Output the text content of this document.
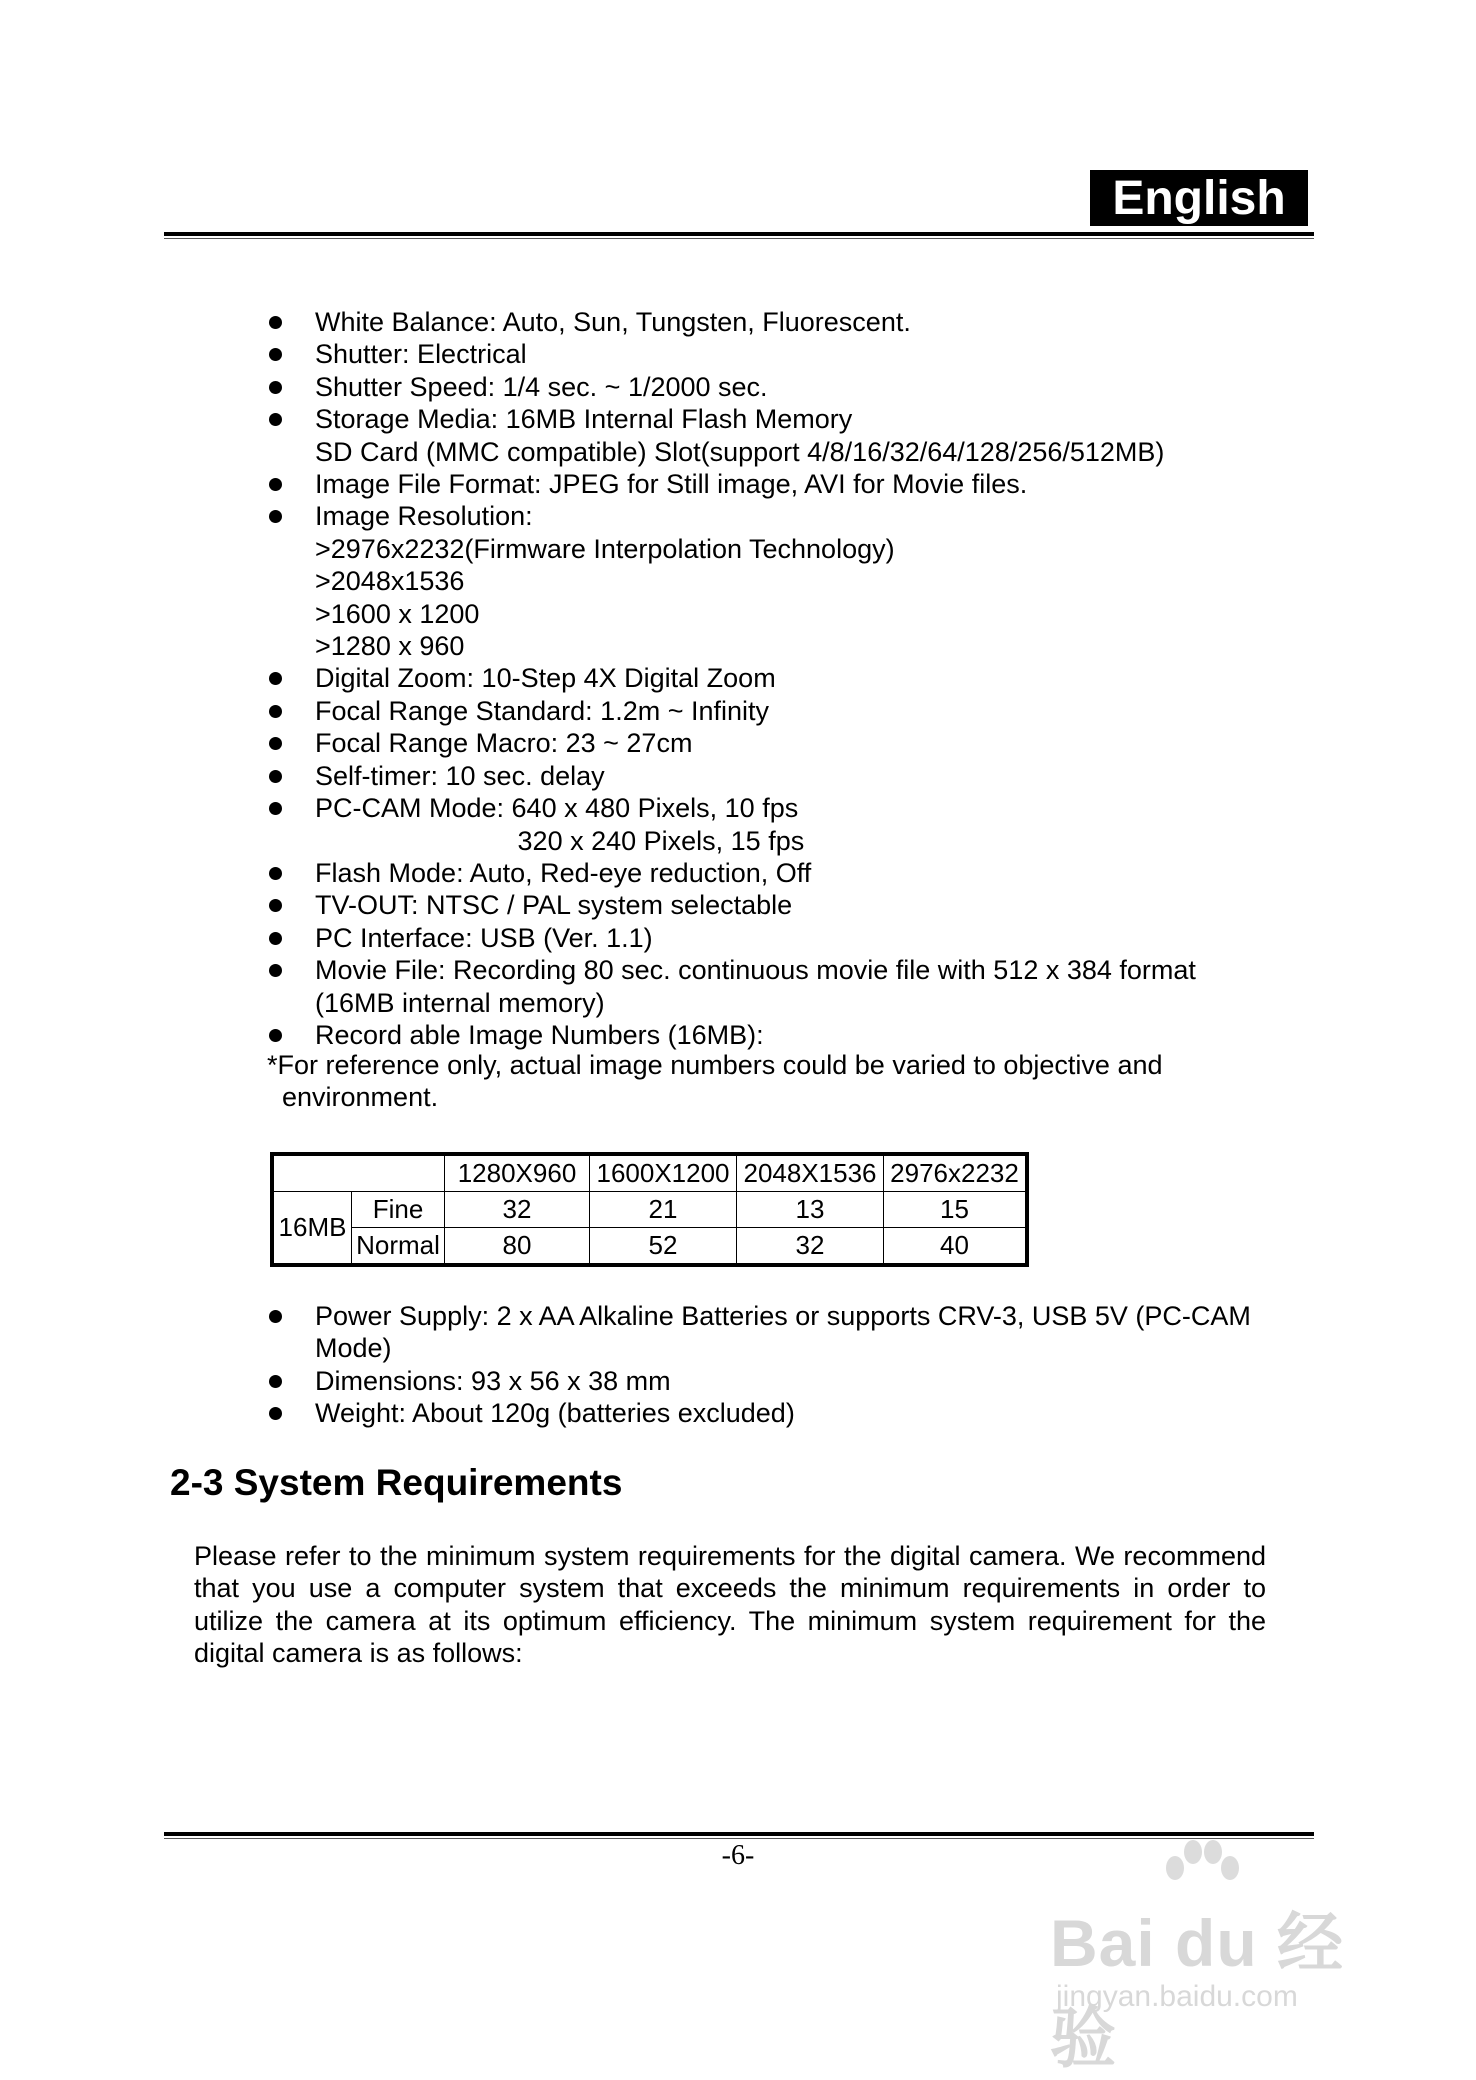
English
White Balance: Auto, Sun, Tungsten, Fluorescent.
Shutter: Electrical
Shutter Speed: 1/4 sec. ~ 1/2000 sec.
Storage Media: 16MB Internal Flash Memory
SD Card (MMC compatible) Slot(support 4/8/16/32/64/128/256/512MB)
Image File Format: JPEG for Still image, AVI for Movie files.
Image Resolution:
>2976x2232(Firmware Interpolation Technology)
>2048x1536
>1600 x 1200
>1280 x 960
Digital Zoom: 10-Step 4X Digital Zoom
Focal Range Standard: 1.2m ~ Infinity
Focal Range Macro: 23 ~ 27cm
Self-timer: 10 sec. delay
PC-CAM Mode: 640 x 480 Pixels, 10 fps
320 x 240 Pixels, 15 fps
Flash Mode: Auto, Red-eye reduction, Off
TV-OUT: NTSC / PAL system selectable
PC Interface: USB (Ver. 1.1)
Movie File: Recording 80 sec. continuous movie file with 512 x 384 format
(16MB internal memory)
Record able Image Numbers (16MB):
*For reference only, actual image numbers could be varied to objective and
environment.
		1280X960	1600X1200	2048X1536	2976x2232
16MB	Fine	32	21	13	15
	Normal	80	52	32	40
Power Supply: 2 x AA Alkaline Batteries or supports CRV-3, USB 5V (PC-CAM
Mode)
Dimensions: 93 x 56 x 38 mm
Weight: About 120g (batteries excluded)
2-3 System Requirements
Please refer to the minimum system requirements for the digital camera. We recommend that you use a computer system that exceeds the minimum requirements in order to utilize the camera at its optimum efficiency. The minimum system requirement for the digital camera is as follows:
-6-
Bai du 经验
jingyan.baidu.com
